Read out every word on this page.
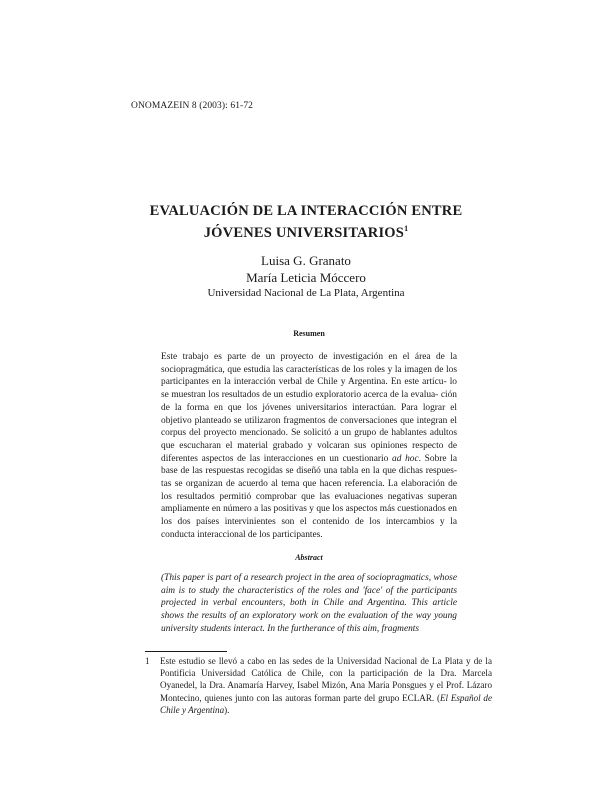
ONOMAZEIN 8 (2003): 61-72
EVALUACIÓN DE LA INTERACCIÓN ENTRE
JÓVENES UNIVERSITARIOS$^1$
Luisa G. Granato
María Leticia Móccero
Universidad Nacional de La Plata, Argentina
Resumen
Este trabajo es parte de un proyecto de investigación en el área de la sociopragmática, que estudia las características de los roles y la imagen de los participantes en la interacción verbal de Chile y Argentina. En este artícu- lo se muestran los resultados de un estudio exploratorio acerca de la evalua- ción de la forma en que los jóvenes universitarios interactúan. Para lograr el objetivo planteado se utilizaron fragmentos de conversaciones que integran el corpus del proyecto mencionado. Se solicitó a un grupo de hablantes adultos que escucharan el material grabado y volcaran sus opiniones respecto de diferentes aspectos de las interacciones en un cuestionario ad hoc. Sobre la base de las respuestas recogidas se diseñó una tabla en la que dichas respues- tas se organizan de acuerdo al tema que hacen referencia. La elaboración de los resultados permitió comprobar que las evaluaciones negativas superan ampliamente en número a las positivas y que los aspectos más cuestionados en los dos países intervinientes son el contenido de los intercambios y la conducta interaccional de los participantes.
Abstract
(This paper is part of a research project in the area of sociopragmatics, whose aim is to study the characteristics of the roles and 'face' of the participants projected in verbal encounters, both in Chile and Argentina. This article shows the results of an exploratory work on the evaluation of the way young university students interact. In the furtherance of this aim, fragments
1	Este estudio se llevó a cabo en las sedes de la Universidad Nacional de La Plata y de la Pontificia Universidad Católica de Chile, con la participación de la Dra. Marcela Oyanedel, la Dra. Anamaría Harvey, Isabel Mizón, Ana María Ponsgues y el Prof. Lázaro Montecino, quienes junto con las autoras forman parte del grupo ECLAR. (El Español de Chile y Argentina).
